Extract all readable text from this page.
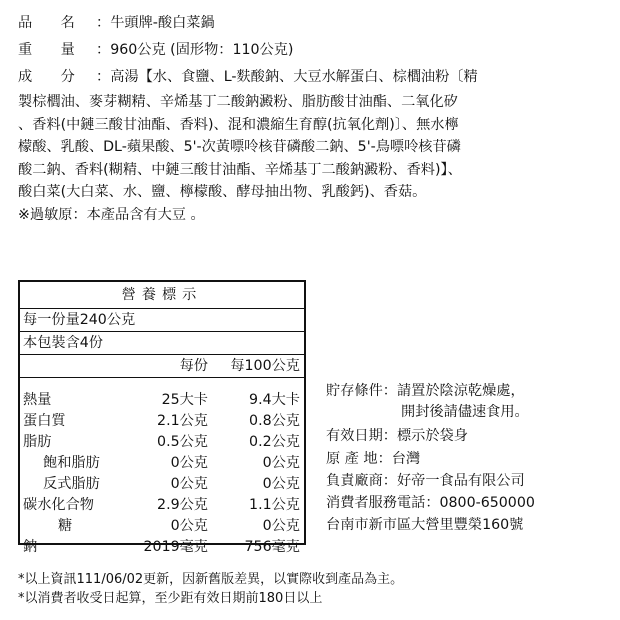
品　　名 ：牛頭牌-酸白菜鍋
重　　量 ：960公克 (固形物：110公克)
成　　分 ：高湯【水、食鹽、L-麩酸鈉、大豆水解蛋白、棕櫚油粉〔精
製棕櫚油、麥芽糊精、辛烯基丁二酸鈉澱粉、脂肪酸甘油酯、二氧化矽
、香料(中鏈三酸甘油酯、香料)、混和濃縮生育醇(抗氧化劑)〕、無水檸
檬酸、乳酸、DL-蘋果酸、5'-次黃嘌呤核苷磷酸二鈉、5'-鳥嘌呤核苷磷
酸二鈉、香料(糊精、中鏈三酸甘油酯、辛烯基丁二酸鈉澱粉、香料)】、
酸白菜(大白菜、水、鹽、檸檬酸、酵母抽出物、乳酸鈣)、香菇。
※過敏原：本產品含有大豆 。
營養標示
每一份量240公克
本包裝含4份
每份 每100公克
熱量	25大卡	9.4大卡
蛋白質	2.1公克	0.8公克
脂肪	0.5公克	0.2公克
飽和脂肪	0公克	0公克
反式脂肪	0公克	0公克
碳水化合物	2.9公克	1.1公克
糖	0公克	0公克
鈉	2019毫克	756毫克
貯存條件：請置於陰涼乾燥處，
開封後請儘速食用。
有效日期：標示於袋身
原 產 地：台灣
負責廠商：好帝一食品有限公司
消費者服務電話：0800-650000
台南市新市區大營里豐榮160號
*以上資訊111/06/02更新，因新舊版差異，以實際收到產品為主。
*以消費者收受日起算，至少距有效日期前180日以上
